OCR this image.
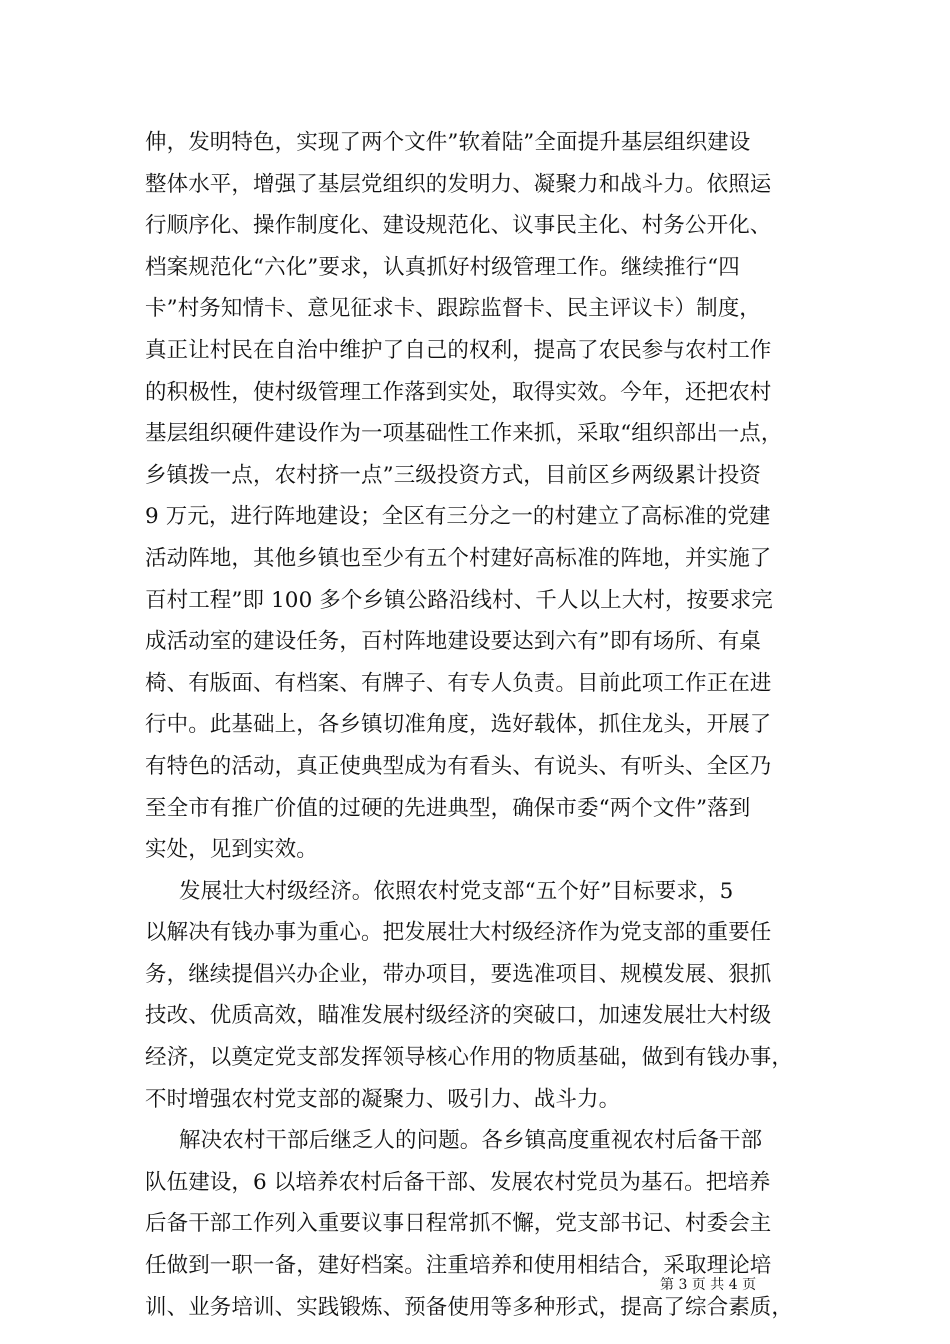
伸，发明特色，实现了两个文件”软着陆”全面提升基层组织建设
整体水平，增强了基层党组织的发明力、凝聚力和战斗力。依照运
行顺序化、操作制度化、建设规范化、议事民主化、村务公开化、
档案规范化“六化”要求，认真抓好村级管理工作。继续推行“四
卡”村务知情卡、意见征求卡、跟踪监督卡、民主评议卡）制度，
真正让村民在自治中维护了自己的权利，提高了农民参与农村工作
的积极性，使村级管理工作落到实处，取得实效。今年，还把农村
基层组织硬件建设作为一项基础性工作来抓，采取“组织部出一点，
乡镇拨一点，农村挤一点”三级投资方式，目前区乡两级累计投资
9 万元，进行阵地建设；全区有三分之一的村建立了高标准的党建
活动阵地，其他乡镇也至少有五个村建好高标准的阵地，并实施了
百村工程”即 100 多个乡镇公路沿线村、千人以上大村，按要求完
成活动室的建设任务，百村阵地建设要达到六有”即有场所、有桌
椅、有版面、有档案、有牌子、有专人负责。目前此项工作正在进
行中。此基础上，各乡镇切准角度，选好载体，抓住龙头，开展了
有特色的活动，真正使典型成为有看头、有说头、有听头、全区乃
至全市有推广价值的过硬的先进典型，确保市委“两个文件”落到
实处，见到实效。
发展壮大村级经济。依照农村党支部“五个好”目标要求，5
以解决有钱办事为重心。把发展壮大村级经济作为党支部的重要任
务，继续提倡兴办企业，带办项目，要选准项目、规模发展、狠抓
技改、优质高效，瞄准发展村级经济的突破口，加速发展壮大村级
经济，以奠定党支部发挥领导核心作用的物质基础，做到有钱办事，
不时增强农村党支部的凝聚力、吸引力、战斗力。
解决农村干部后继乏人的问题。各乡镇高度重视农村后备干部
队伍建设，6 以培养农村后备干部、发展农村党员为基石。把培养
后备干部工作列入重要议事日程常抓不懈，党支部书记、村委会主
任做到一职一备，建好档案。注重培养和使用相结合，采取理论培
训、业务培训、实践锻炼、预备使用等多种形式，提高了综合素质，
第 3 页 共 4 页
